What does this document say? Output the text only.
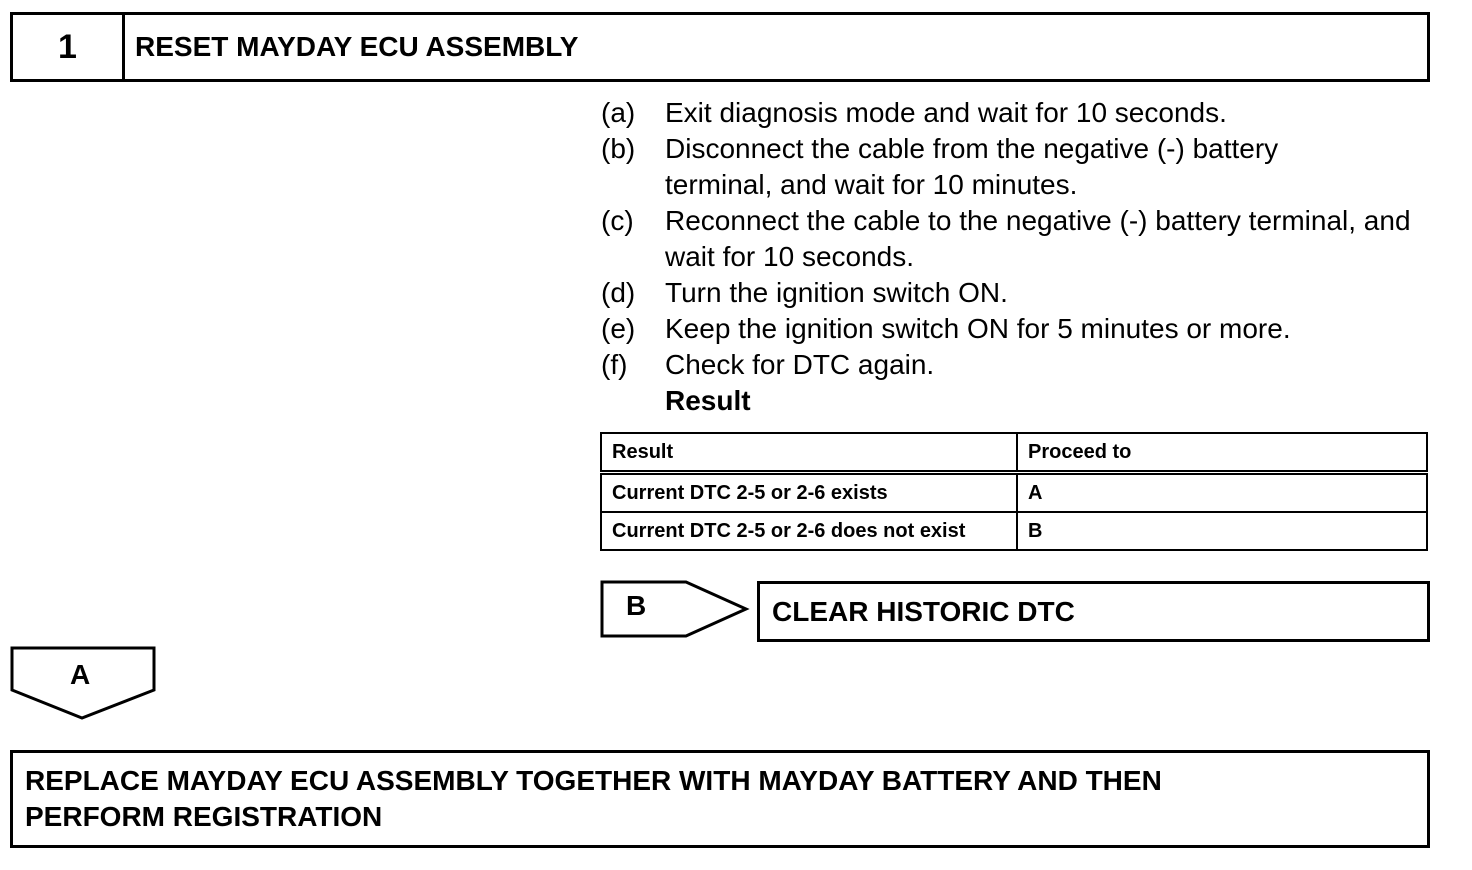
1	RESET MAYDAY ECU ASSEMBLY
(a)	Exit diagnosis mode and wait for 10 seconds.
(b)	Disconnect the cable from the negative (-) battery terminal, and wait for 10 minutes.
(c)	Reconnect the cable to the negative (-) battery terminal, and wait for 10 seconds.
(d)	Turn the ignition switch ON.
(e)	Keep the ignition switch ON for 5 minutes or more.
(f)	Check for DTC again.
Result
Result	Proceed to
Current DTC 2-5 or 2-6 exists	A
Current DTC 2-5 or 2-6 does not exist	B
B	CLEAR HISTORIC DTC
A
REPLACE MAYDAY ECU ASSEMBLY TOGETHER WITH MAYDAY BATTERY AND THEN PERFORM REGISTRATION
